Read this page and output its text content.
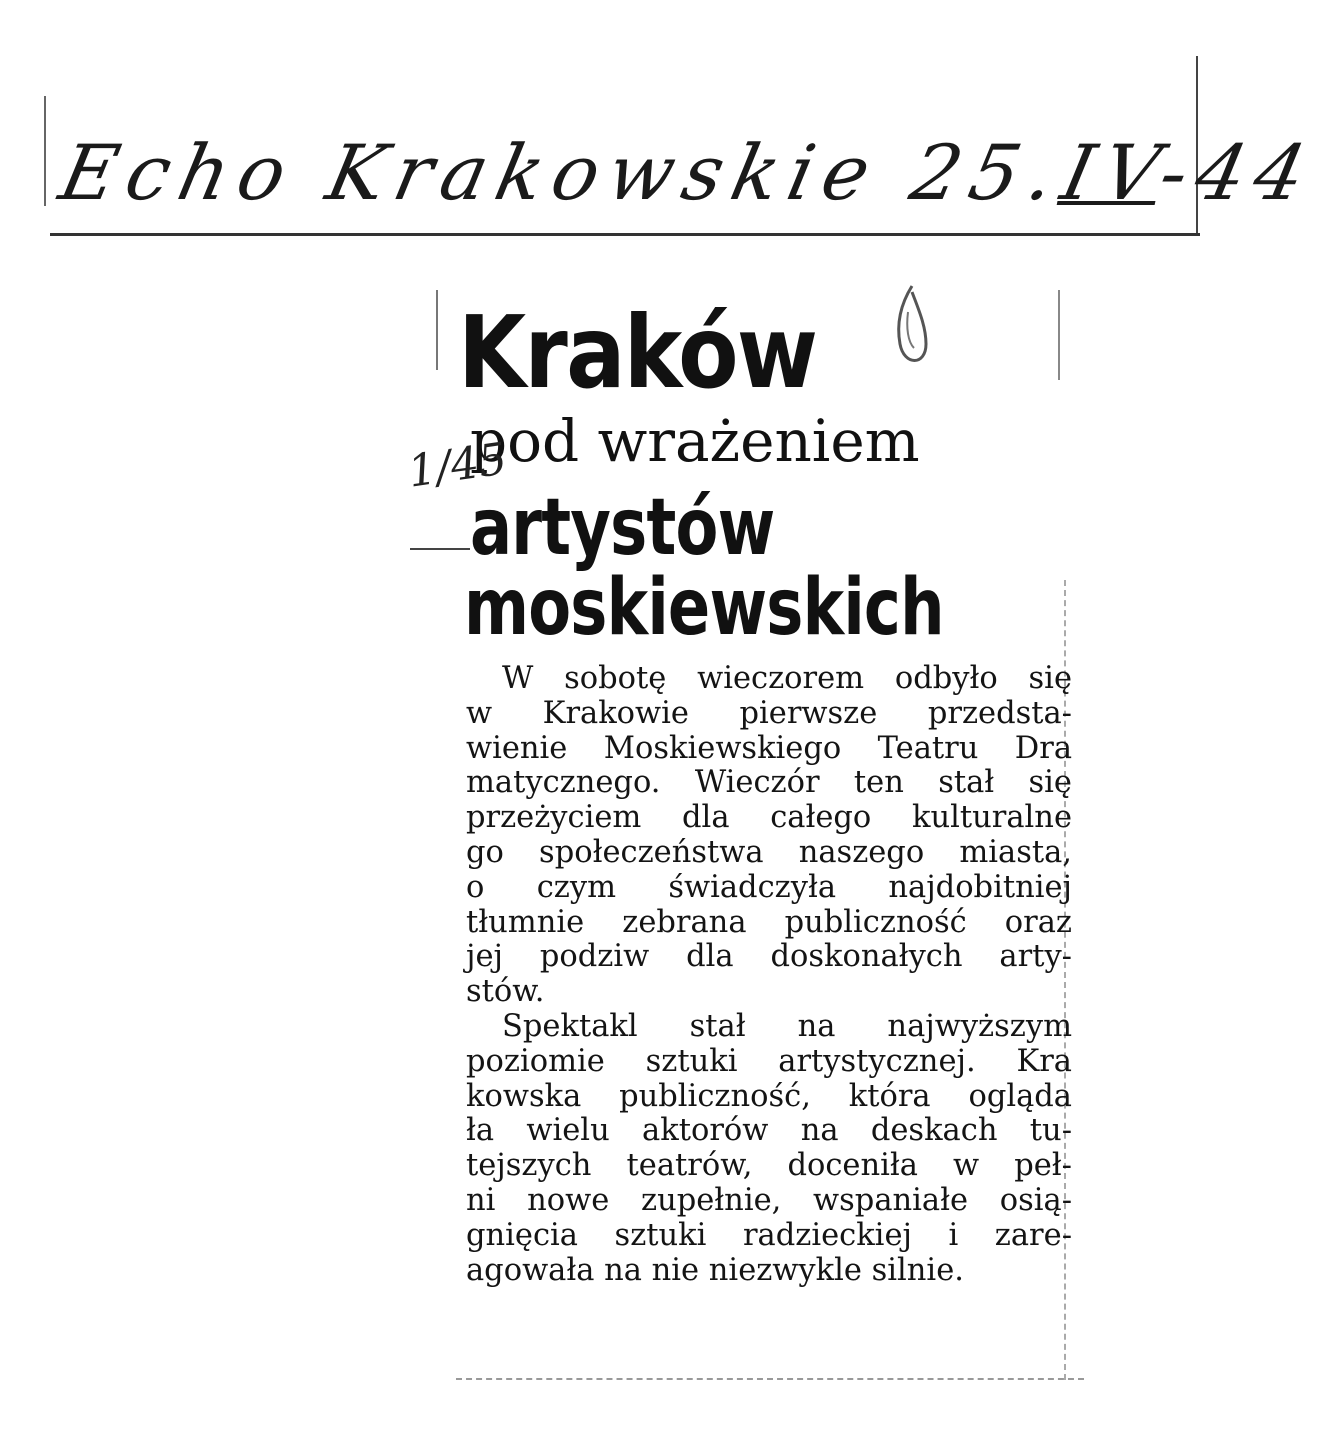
Echo Krakowskie 25.IV-44
Kraków
pod wrażeniem
artystów
moskiewskich
1/45

W sobotę wieczorem odbyło się
w Krakowie pierwsze przedsta-
wienie Moskiewskiego Teatru Dra
matycznego. Wieczór ten stał się
przeżyciem dla całego kulturalne
go społeczeństwa naszego miasta,
o czym świadczyła najdobitniej
tłumnie zebrana publiczność oraz
jej podziw dla doskonałych arty-
stów.

Spektakl stał na najwyższym
poziomie sztuki artystycznej. Kra
kowska publiczność, która oglądа
ła wielu aktorów na deskach tu-
tejszych teatrów, doceniła w peł-
ni nowe zupełnie, wspaniałe osią-
gnięcia sztuki radzieckiej i zare-
agowała na nie niezwykle silnie.
